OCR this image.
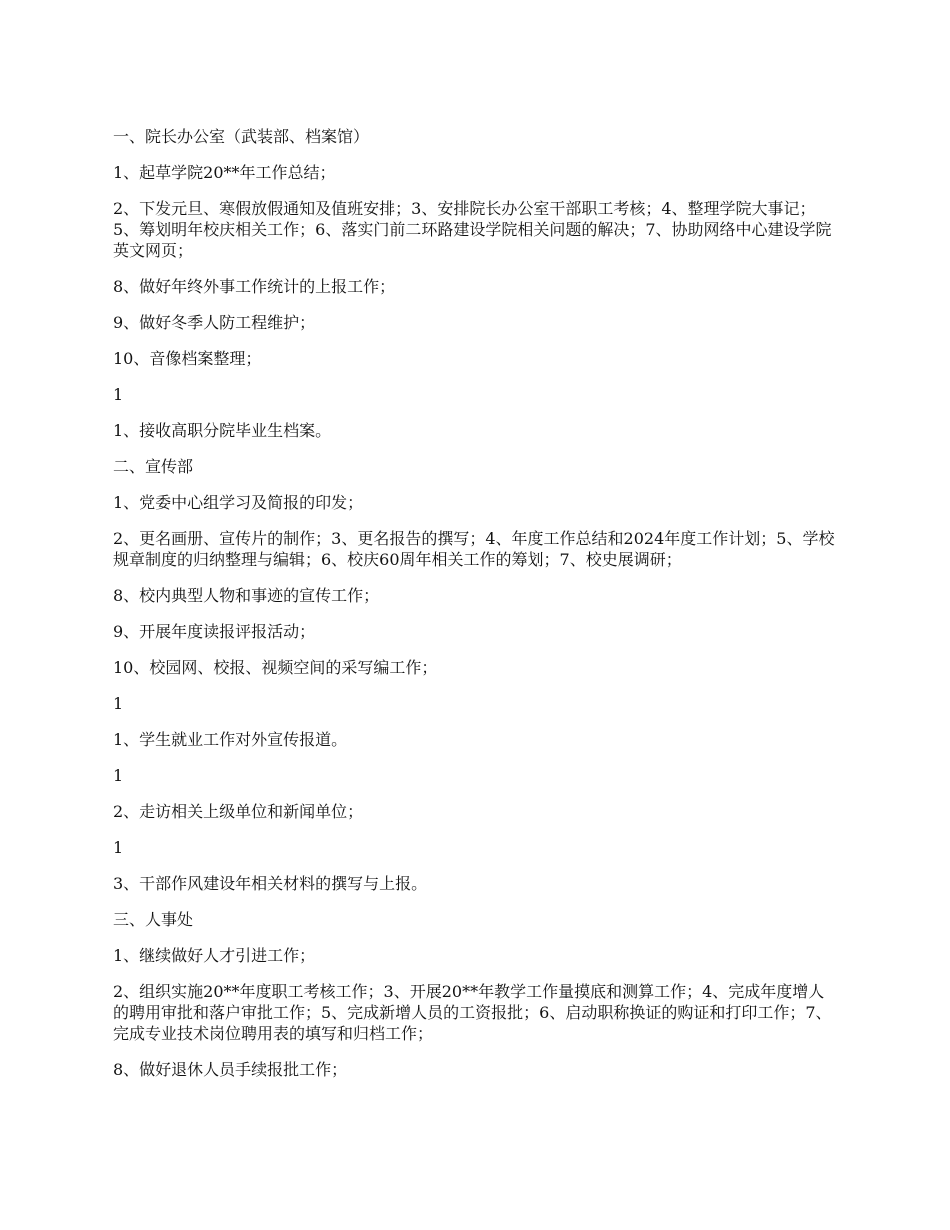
一、院长办公室（武装部、档案馆）

1、起草学院20**年工作总结；

2、下发元旦、寒假放假通知及值班安排；3、安排院长办公室干部职工考核；4、整理学院大事记；5、筹划明年校庆相关工作；6、落实门前二环路建设学院相关问题的解决；7、协助网络中心建设学院英文网页；

8、做好年终外事工作统计的上报工作；

9、做好冬季人防工程维护；

10、音像档案整理；

1

1、接收高职分院毕业生档案。

二、宣传部

1、党委中心组学习及简报的印发；

2、更名画册、宣传片的制作；3、更名报告的撰写；4、年度工作总结和2024年度工作计划；5、学校规章制度的归纳整理与编辑；6、校庆60周年相关工作的筹划；7、校史展调研；

8、校内典型人物和事迹的宣传工作；

9、开展年度读报评报活动；

10、校园网、校报、视频空间的采写编工作；

1

1、学生就业工作对外宣传报道。

1

2、走访相关上级单位和新闻单位；

1

3、干部作风建设年相关材料的撰写与上报。

三、人事处

1、继续做好人才引进工作；

2、组织实施20**年度职工考核工作；3、开展20**年教学工作量摸底和测算工作；4、完成年度增人的聘用审批和落户审批工作；5、完成新增人员的工资报批；6、启动职称换证的购证和打印工作；7、完成专业技术岗位聘用表的填写和归档工作；

8、做好退休人员手续报批工作；
